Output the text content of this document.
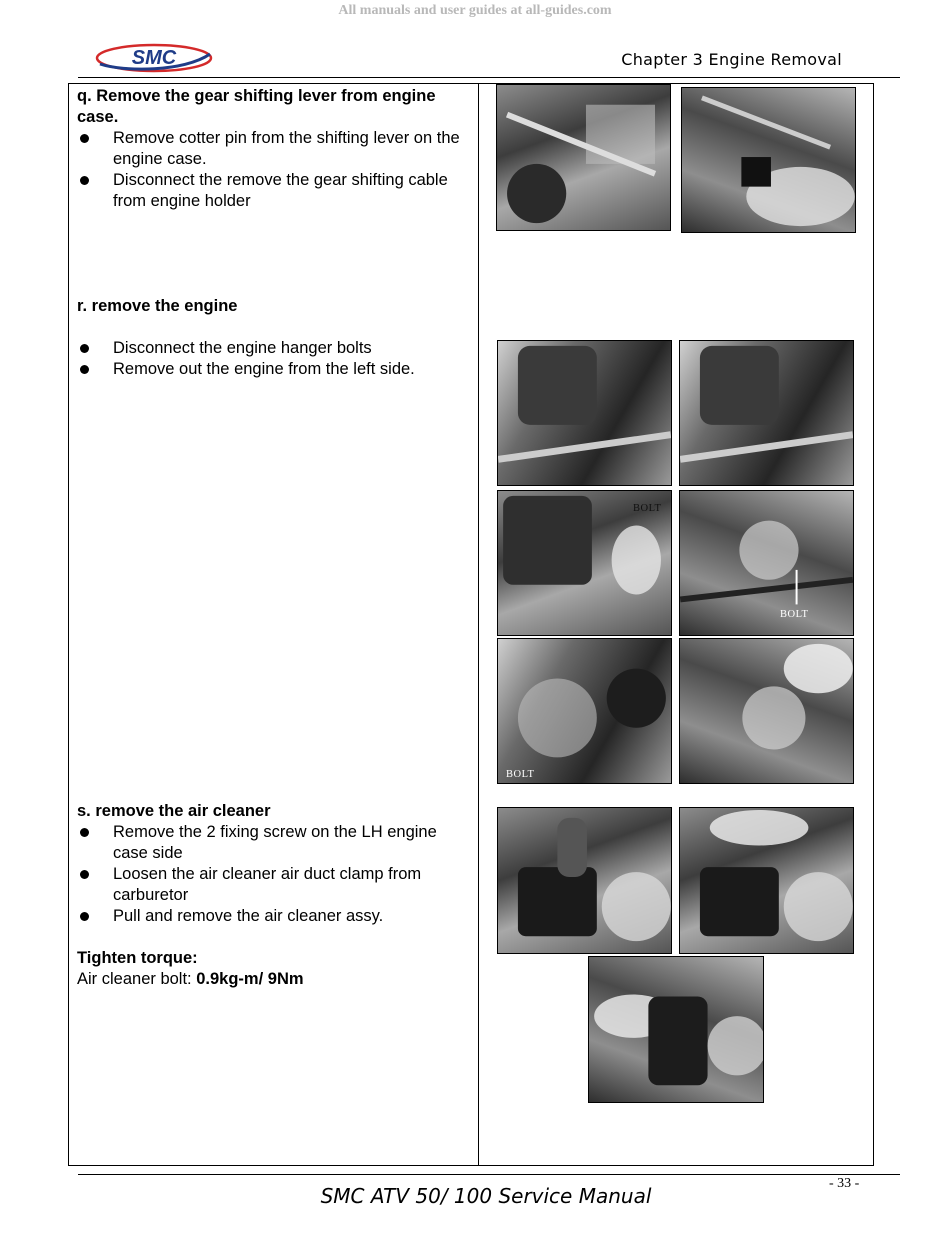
All manuals and user guides at all-guides.com
SMC	Chapter 3 Engine Removal
q. Remove the gear shifting lever from engine case.
Remove cotter pin from the shifting lever on the engine case.
Disconnect the remove the gear shifting cable from engine holder
r. remove the engine
Disconnect the engine hanger bolts
Remove out the engine from the left side.
s. remove the air cleaner
Remove the 2 fixing screw on the LH engine case side
Loosen the air cleaner air duct clamp from carburetor
Pull and remove the air cleaner assy.
Tighten torque:
Air cleaner bolt: 0.9kg-m/ 9Nm
BOLT
BOLT
BOLT
- 33 -
SMC ATV 50/ 100 Service Manual
